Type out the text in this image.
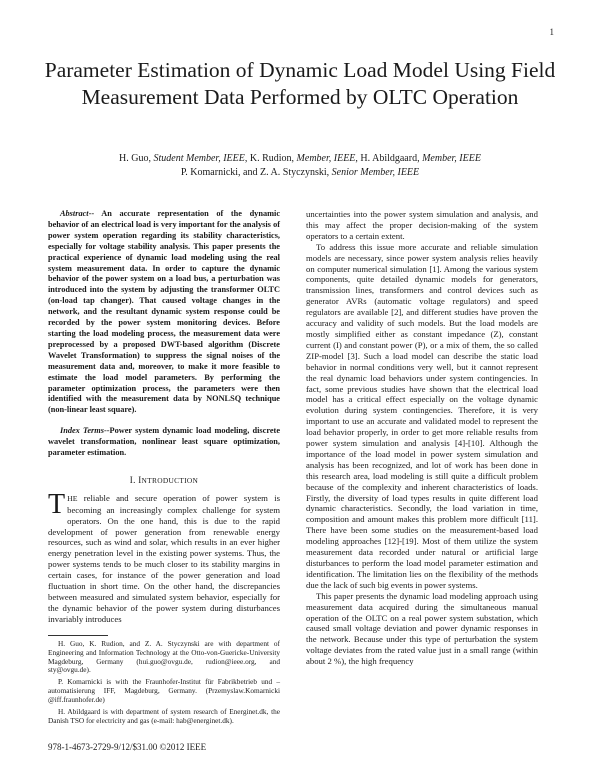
1
Parameter Estimation of Dynamic Load Model Using Field Measurement Data Performed by OLTC Operation
H. Guo, Student Member, IEEE, K. Rudion, Member, IEEE, H. Abildgaard, Member, IEEE
P. Komarnicki, and Z. A. Styczynski, Senior Member, IEEE

Abstract-- An accurate representation of the dynamic behavior of an electrical load is very important for the analysis of power system operation regarding its stability characteristics, especially for voltage stability analysis. This paper presents the practical experience of dynamic load modeling using the real system measurement data. In order to capture the dynamic behavior of the power system on a load bus, a perturbation was introduced into the system by adjusting the transformer OLTC (on-load tap changer). That caused voltage changes in the network, and the resultant dynamic system response could be recorded by the power system monitoring devices. Before starting the load modeling process, the measurement data were preprocessed by a proposed DWT-based algorithm (Discrete Wavelet Transformation) to suppress the signal noises of the measurement data and, moreover, to make it more feasible to estimate the load model parameters. By performing the parameter optimization process, the parameters were then identified with the measurement data by NONLSQ technique (non-linear least square).

Index Terms--Power system dynamic load modeling, discrete wavelet transformation, nonlinear least square optimization, parameter estimation.

I. INTRODUCTION

THE reliable and secure operation of power system is becoming an increasingly complex challenge for system operators. On the one hand, this is due to the rapid development of power generation from renewable energy resources, such as wind and solar, which results in an ever higher energy penetration level in the existing power systems. Thus, the power systems tends to be much closer to its stability margins in certain cases, for instance of the power generation and load fluctuation in short time. On the other hand, the discrepancies between measured and simulated system behavior, especially for the dynamic behavior of the power system during disturbances invariably introduces

H. Guo, K. Rudion, and Z. A. Styczynski are with department of Engineering and Information Technology at the Otto-von-Guericke-University Magdeburg, Germany (hui.guo@ovgu.de, rudion@ieee.org, and sty@ovgu.de).

P. Komarnicki is with the Fraunhofer-Institut für Fabrikbetrieb und –automatisierung IFF, Magdeburg, Germany. (Przemyslaw.Komarnicki @iff.fraunhofer.de)

H. Abildgaard is with department of system research of Energinet.dk, the Danish TSO for electricity and gas (e-mail: hab@energinet.dk).

uncertainties into the power system simulation and analysis, and this may affect the proper decision-making of the system operators to a certain extent.

To address this issue more accurate and reliable simulation models are necessary, since power system analysis relies heavily on computer numerical simulation [1]. Among the various system components, quite detailed dynamic models for generators, transmission lines, transformers and control devices such as generator AVRs (automatic voltage regulators) and speed regulators are available [2], and different studies have proven the accuracy and validity of such models. But the load models are mostly simplified either as constant impedance (Z), constant current (I) and constant power (P), or a mix of them, the so called ZIP-model [3]. Such a load model can describe the static load behavior in normal conditions very well, but it cannot represent the real dynamic load behaviors under system contingencies. In fact, some previous studies have shown that the electrical load model has a critical effect especially on the voltage dynamic evolution during system contingencies. Therefore, it is very important to use an accurate and validated model to represent the load behavior properly, in order to get more reliable results from power system simulation and analysis [4]-[10]. Although the importance of the load model in power system simulation and analysis has been recognized, and lot of work has been done in this research area, load modeling is still quite a difficult problem because of the complexity and inherent characteristics of loads. Firstly, the diversity of load types results in quite different load dynamic characteristics. Secondly, the load variation in time, composition and amount makes this problem more difficult [11]. There have been some studies on the measurement-based load modeling approaches [12]-[19]. Most of them utilize the system measurement data recorded under natural or artificial large disturbances to perform the load model parameter estimation and identification. The limitation lies on the flexibility of the methods due the lack of such big events in power systems.

This paper presents the dynamic load modeling approach using measurement data acquired during the simultaneous manual operation of the OLTC on a real power system substation, which caused small voltage deviation and power dynamic responses in the network. Because under this type of perturbation the system voltage deviates from the rated value just in a small range (within about 2 %), the high frequency

978-1-4673-2729-9/12/$31.00 ©2012 IEEE
